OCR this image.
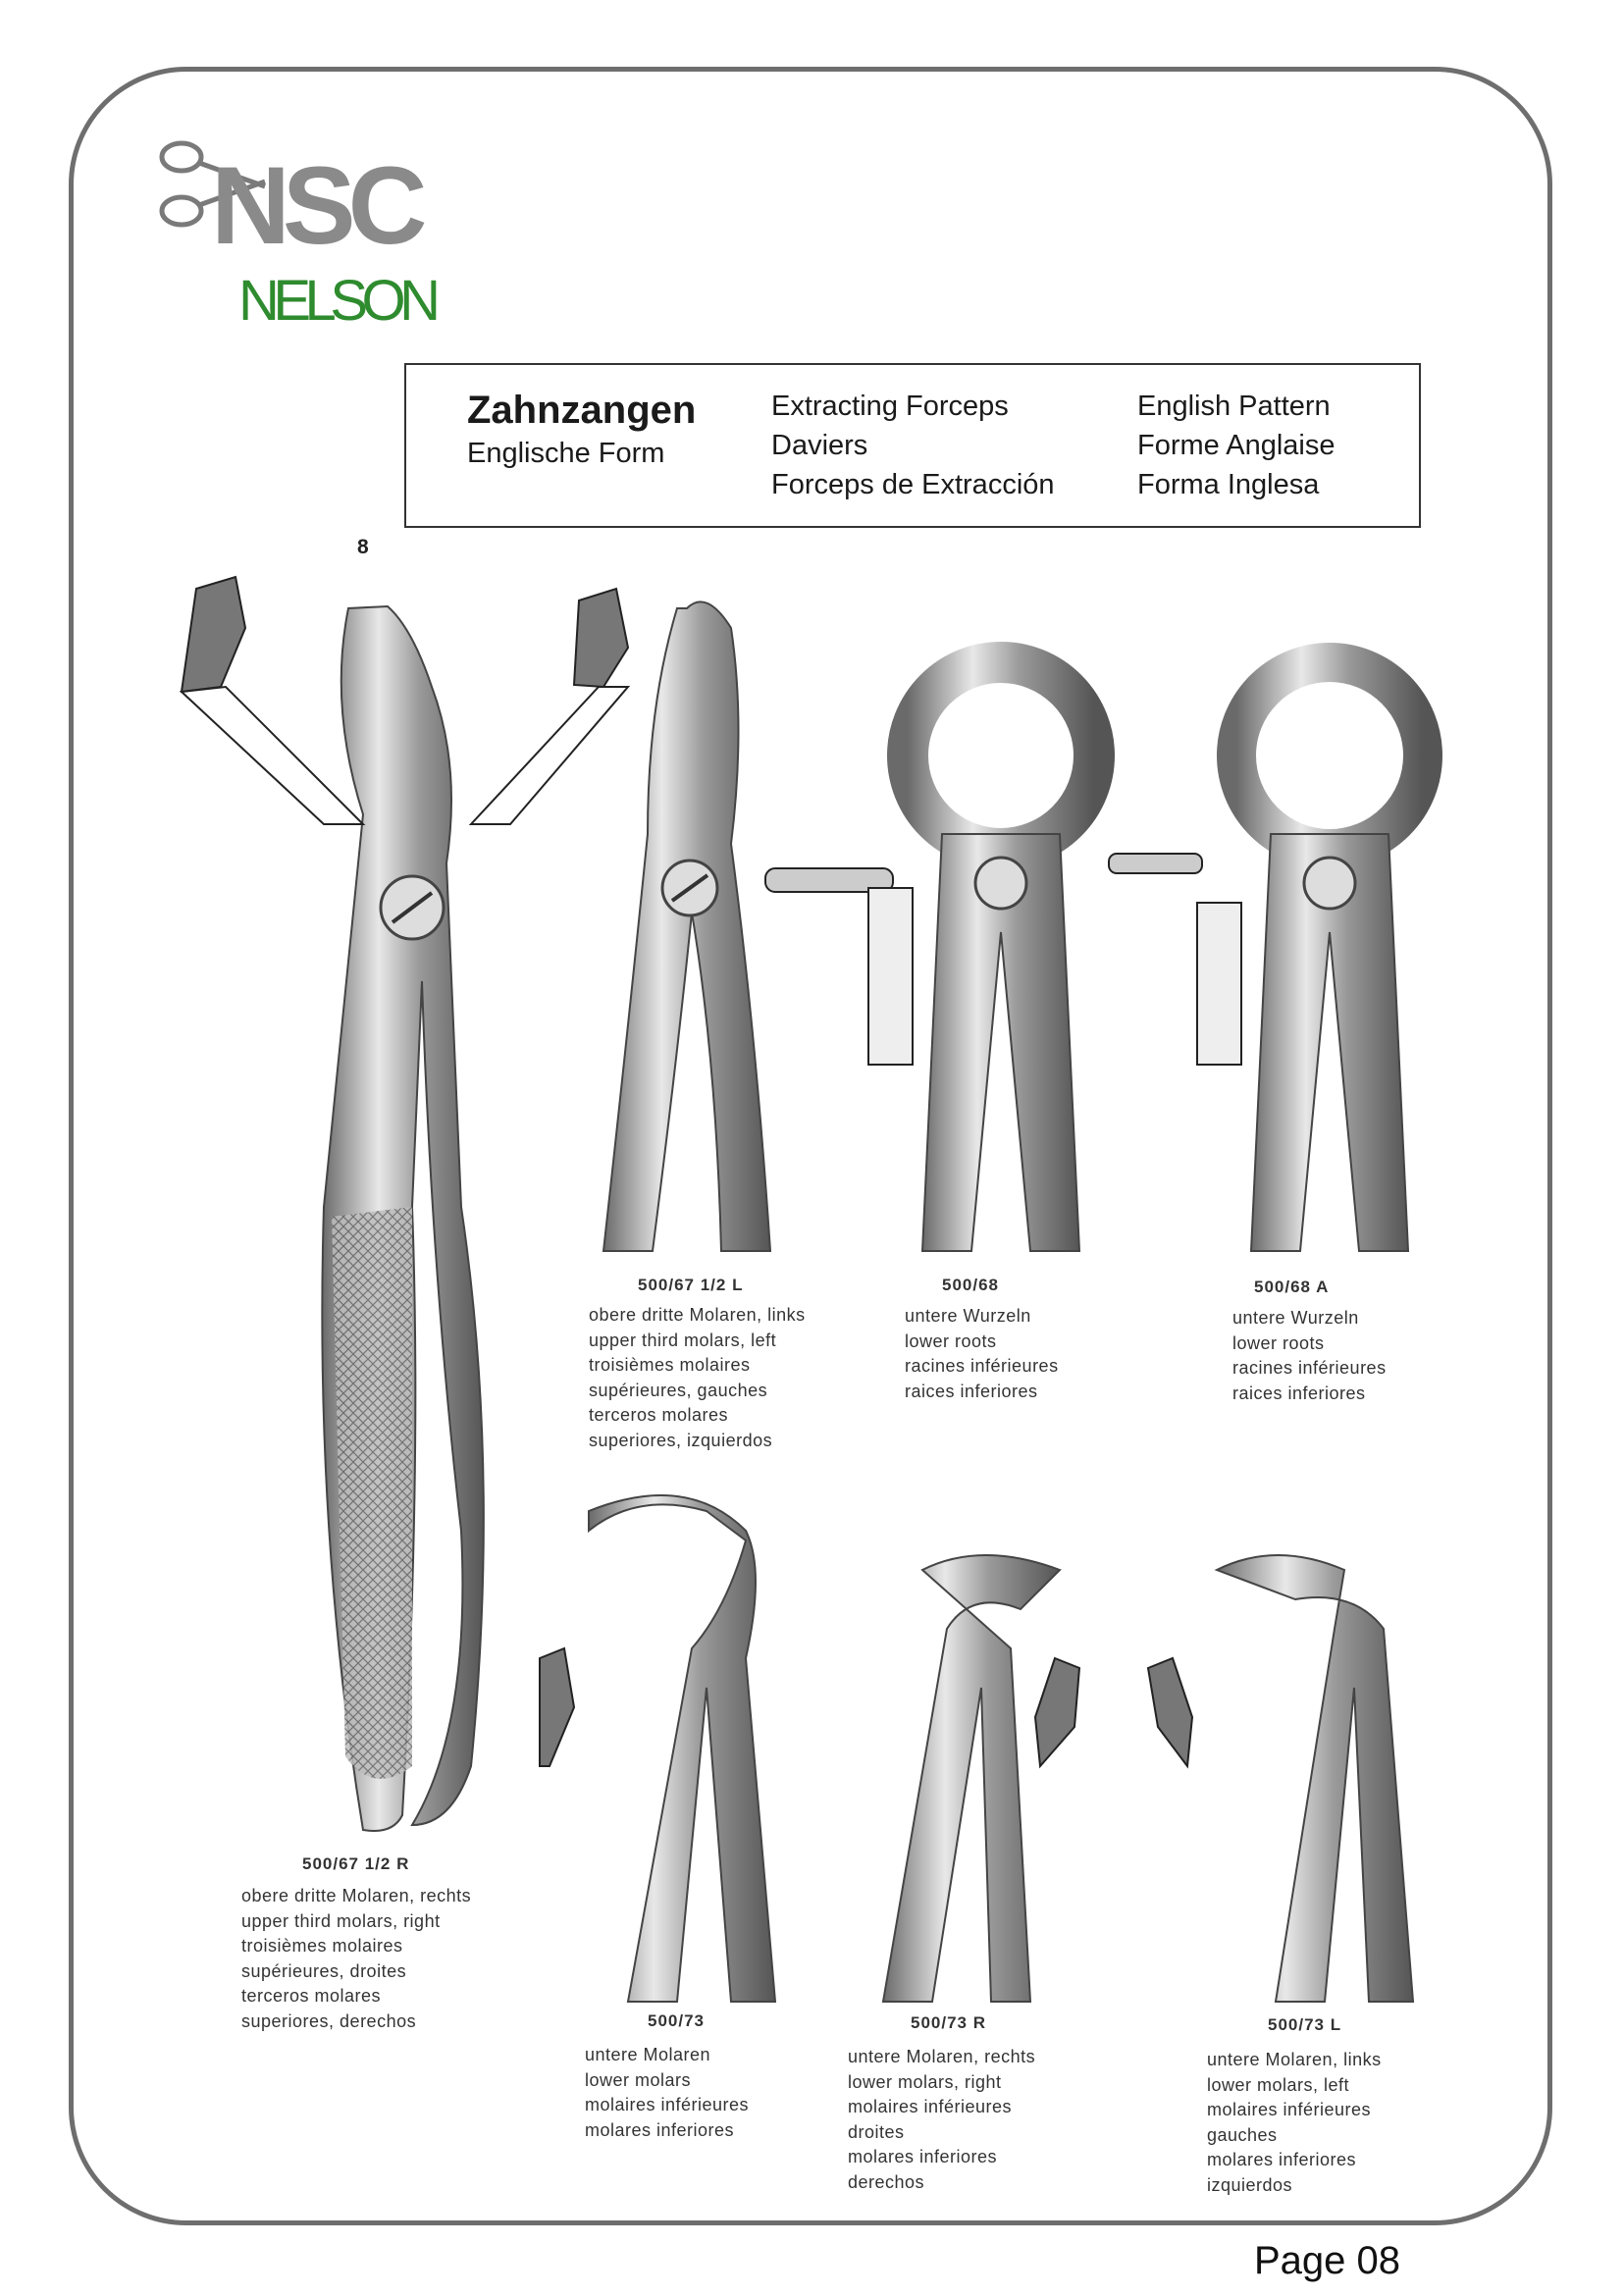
NSC
NELSON
Zahnzangen
Englische Form
Extracting Forceps
Daviers
Forceps de Extracción
English Pattern
Forme Anglaise
Forma Inglesa
8
500/67 1/2 L
obere dritte Molaren, links
upper third molars, left
troisièmes molaires
supérieures, gauches
terceros molares
superiores, izquierdos
500/68
untere Wurzeln
lower roots
racines inférieures
raices inferiores
500/68 A
untere Wurzeln
lower roots
racines inférieures
raices inferiores
500/67 1/2 R
obere dritte Molaren, rechts
upper third molars, right
troisièmes molaires
supérieures, droites
terceros molares
superiores, derechos	500/73
untere Molaren
lower molars
molaires inférieures
molares inferiores
500/73 R
untere Molaren, rechts
lower molars, right
molaires inférieures
droites
molares inferiores
derechos
500/73 L
untere Molaren, links
lower molars, left
molaires inférieures
gauches
molares inferiores
izquierdos
Page 08
